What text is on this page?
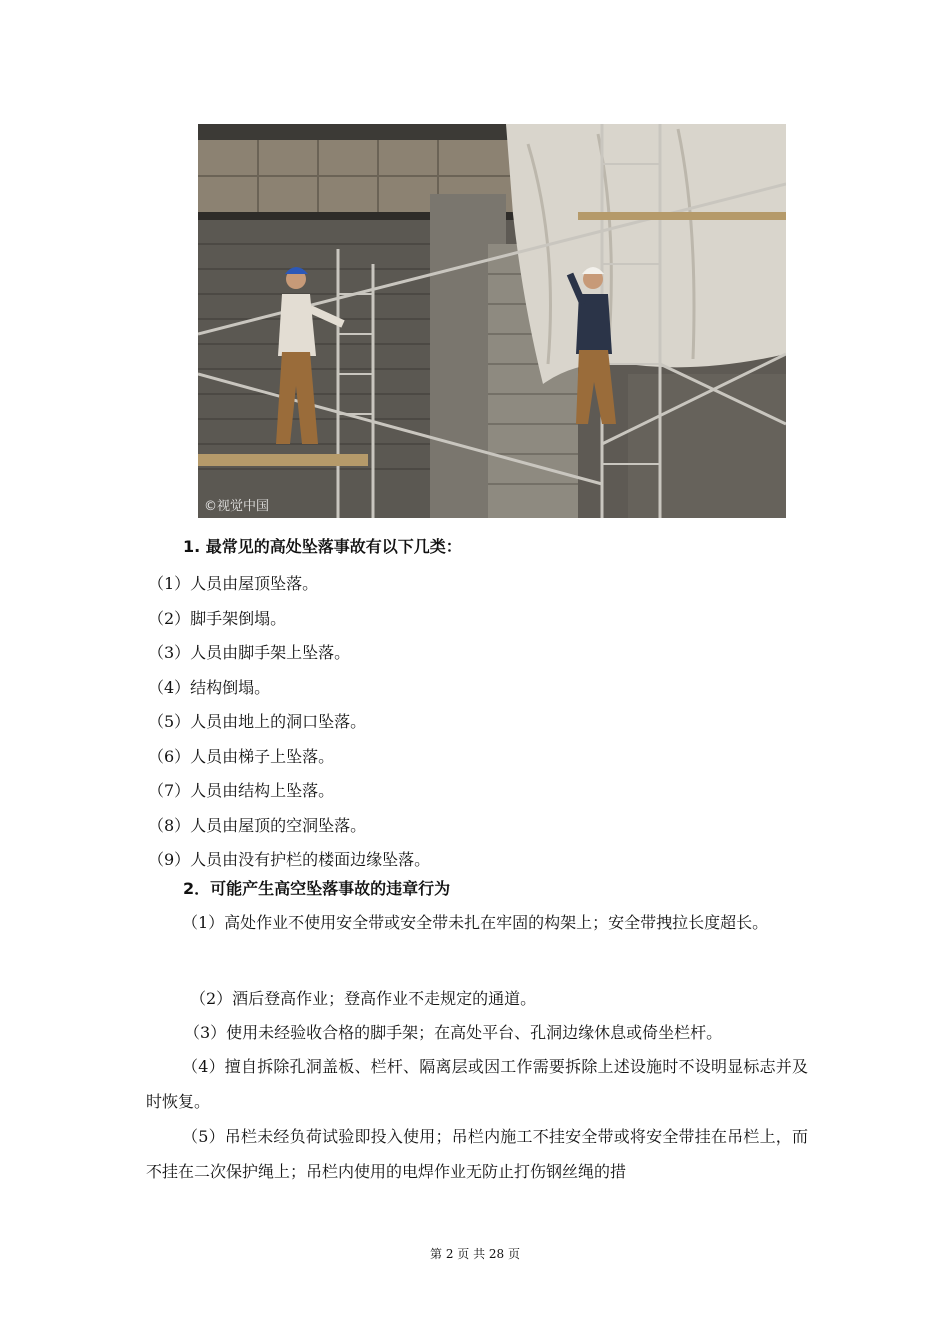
©视觉中国
1. 最常见的高处坠落事故有以下几类：
（1）人员由屋顶坠落。
（2）脚手架倒塌。
（3）人员由脚手架上坠落。
（4）结构倒塌。
（5）人员由地上的洞口坠落。
（6）人员由梯子上坠落。
（7）人员由结构上坠落。
（8）人员由屋顶的空洞坠落。
（9）人员由没有护栏的楼面边缘坠落。
2．可能产生高空坠落事故的违章行为

（1）高处作业不使用安全带或安全带未扎在牢固的构架上；安全带拽拉长度超长。

（2）酒后登高作业；登高作业不走规定的通道。

（3）使用未经验收合格的脚手架；在高处平台、孔洞边缘休息或倚坐栏杆。

（4）擅自拆除孔洞盖板、栏杆、隔离层或因工作需要拆除上述设施时不设明显标志并及时恢复。

（5）吊栏未经负荷试验即投入使用；吊栏内施工不挂安全带或将安全带挂在吊栏上，而不挂在二次保护绳上；吊栏内使用的电焊作业无防止打伤钢丝绳的措

第 2 页 共 28 页
